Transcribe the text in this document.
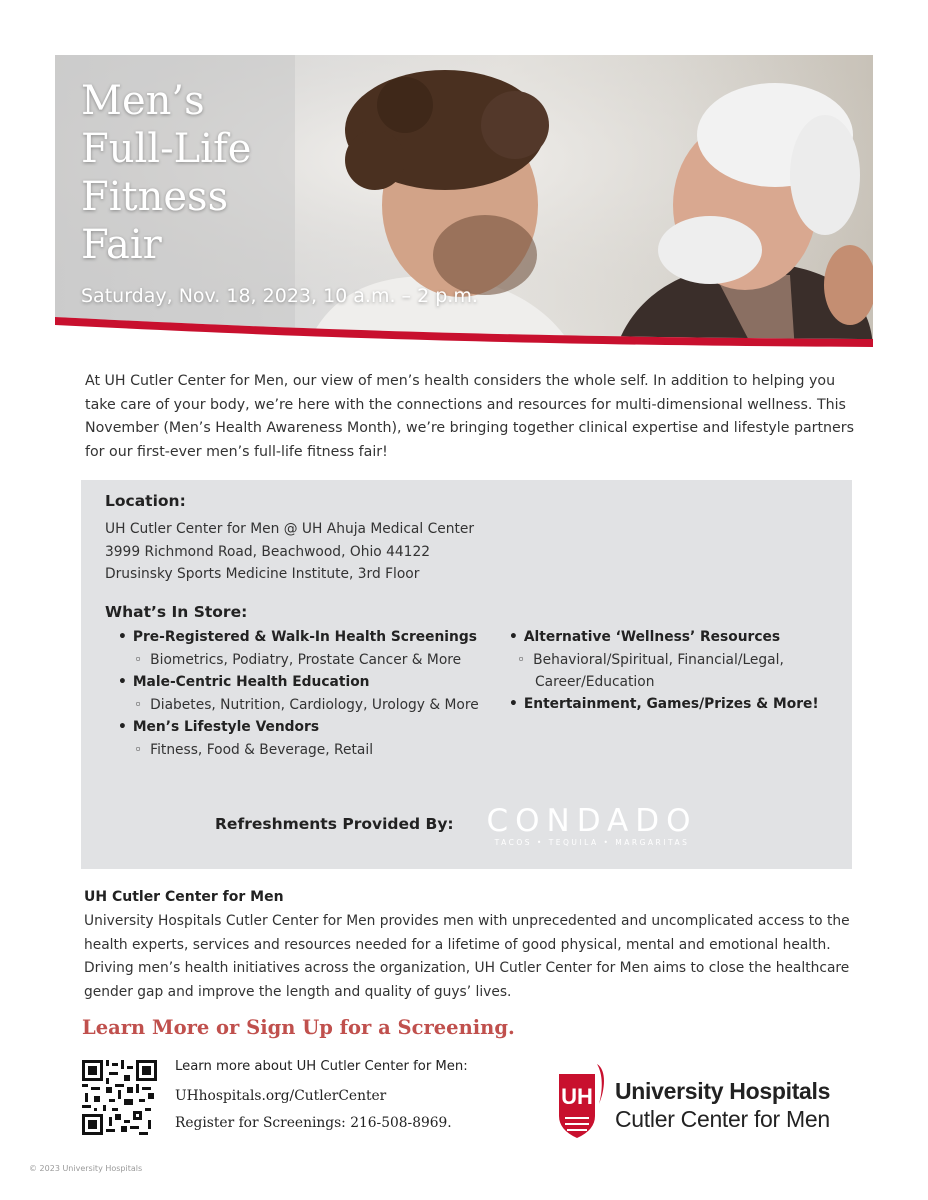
Men’s
Full-Life
Fitness
Fair
Saturday, Nov. 18, 2023, 10 a.m. – 2 p.m.

At UH Cutler Center for Men, our view of men’s health considers the whole self. In addition to helping you take care of your body, we’re here with the connections and resources for multi-dimensional wellness. This November (Men’s Health Awareness Month), we’re bringing together clinical expertise and lifestyle partners for our first-ever men’s full-life fitness fair!

Location:
UH Cutler Center for Men @ UH Ahuja Medical Center
3999 Richmond Road, Beachwood, Ohio 44122
Drusinsky Sports Medicine Institute, 3rd Floor
What’s In Store:
• Pre-Registered & Walk-In Health Screenings
◦ Biometrics, Podiatry, Prostate Cancer & More
• Male-Centric Health Education
◦ Diabetes, Nutrition, Cardiology, Urology & More
• Men’s Lifestyle Vendors
◦ Fitness, Food & Beverage, Retail
• Alternative ‘Wellness’ Resources
◦ Behavioral/Spiritual, Financial/Legal,
Career/Education
• Entertainment, Games/Prizes & More!
Refreshments Provided By:	CONDADO
TACOS • TEQUILA • MARGARITAS
UH Cutler Center for Men

University Hospitals Cutler Center for Men provides men with unprecedented and uncomplicated access to the health experts, services and resources needed for a lifetime of good physical, mental and emotional health. Driving men’s health initiatives across the organization, UH Cutler Center for Men aims to close the healthcare gender gap and improve the length and quality of guys’ lives.

Learn More or Sign Up for a Screening.
Learn more about UH Cutler Center for Men:
UHhospitals.org/CutlerCenter
Register for Screenings: 216-508-8969.
UH University Hospitals
Cutler Center for Men
© 2023 University Hospitals
